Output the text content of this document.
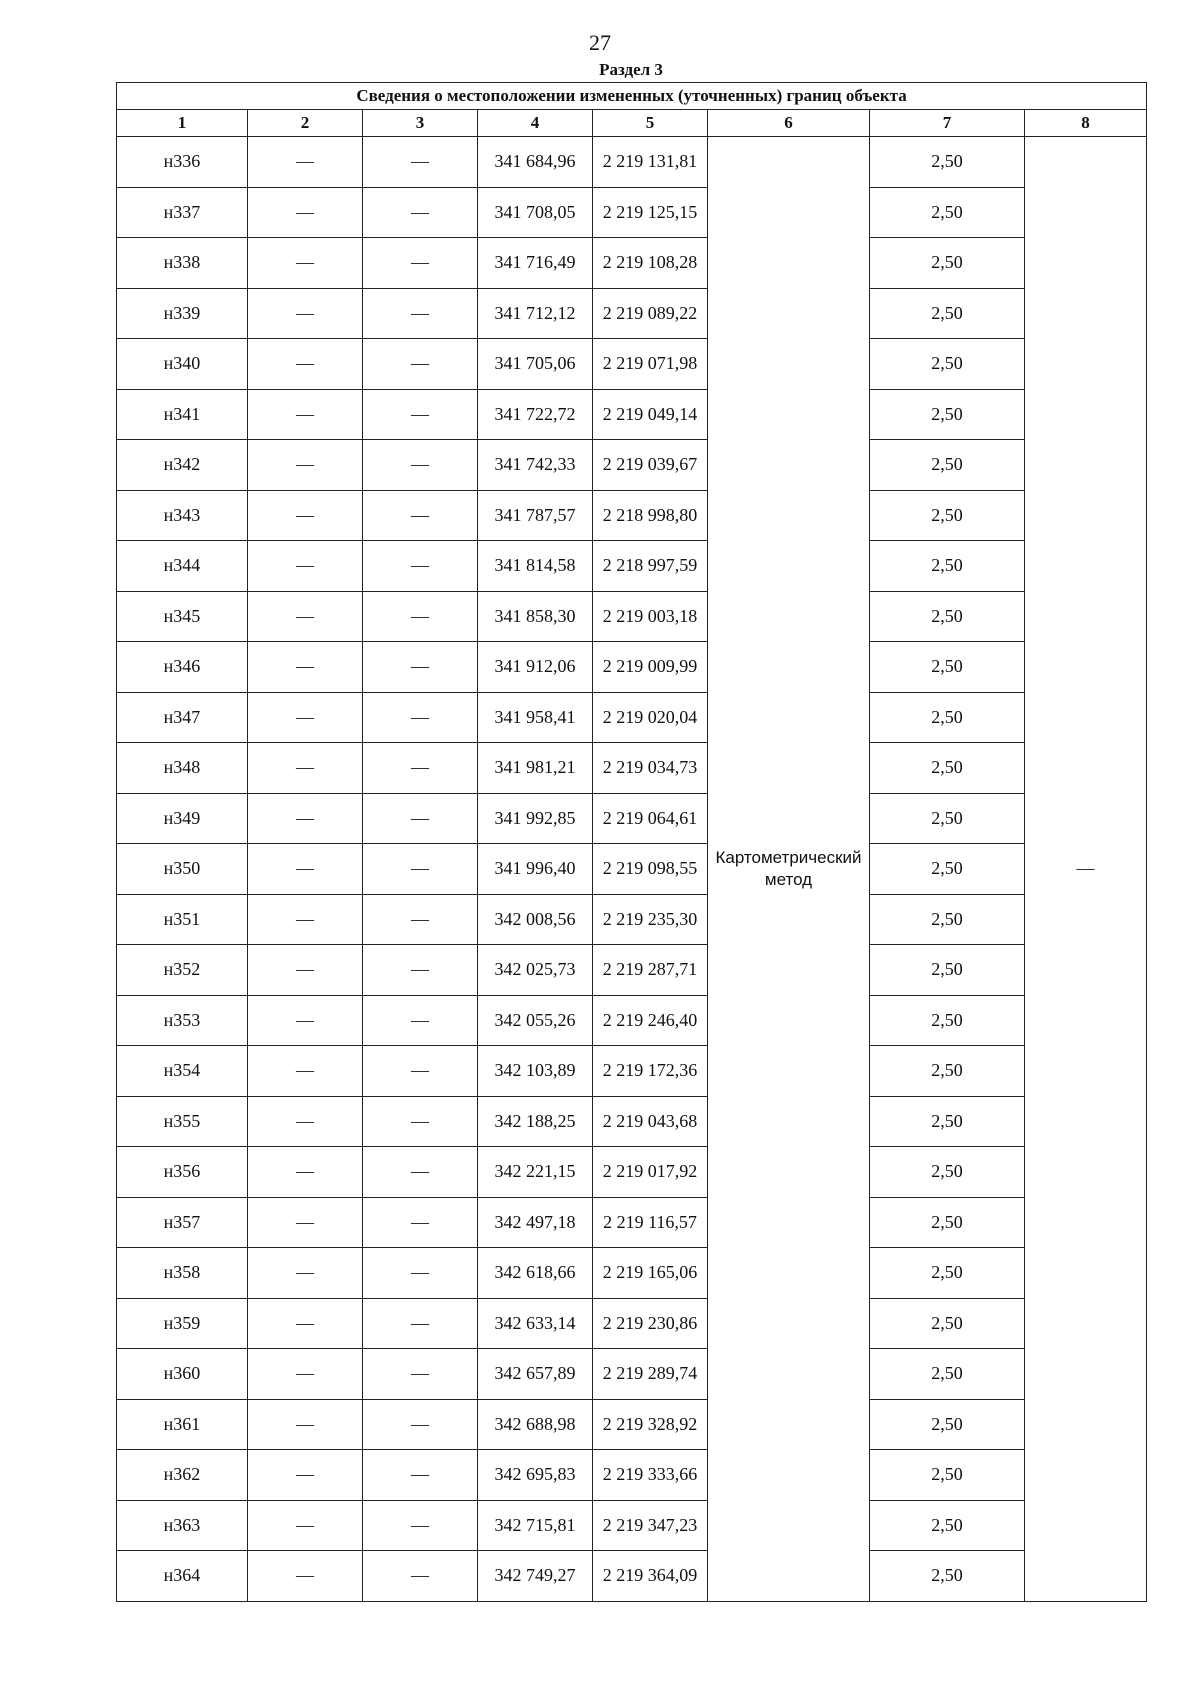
27
Раздел 3
Сведения о местоположении измененных (уточненных) границ объекта							
1	2	3	4	5	6	7	8
н336	—	—	341 684,96	2 219 131,81	Картометрический метод	2,50	—
н337	—	—	341 708,05	2 219 125,15		2,50	
н338	—	—	341 716,49	2 219 108,28		2,50	
н339	—	—	341 712,12	2 219 089,22		2,50	
н340	—	—	341 705,06	2 219 071,98		2,50	
н341	—	—	341 722,72	2 219 049,14		2,50	
н342	—	—	341 742,33	2 219 039,67		2,50	
н343	—	—	341 787,57	2 218 998,80		2,50	
н344	—	—	341 814,58	2 218 997,59		2,50	
н345	—	—	341 858,30	2 219 003,18		2,50	
н346	—	—	341 912,06	2 219 009,99		2,50	
н347	—	—	341 958,41	2 219 020,04		2,50	
н348	—	—	341 981,21	2 219 034,73		2,50	
н349	—	—	341 992,85	2 219 064,61		2,50	
н350	—	—	341 996,40	2 219 098,55		2,50	
н351	—	—	342 008,56	2 219 235,30		2,50	
н352	—	—	342 025,73	2 219 287,71		2,50	
н353	—	—	342 055,26	2 219 246,40		2,50	
н354	—	—	342 103,89	2 219 172,36		2,50	
н355	—	—	342 188,25	2 219 043,68		2,50	
н356	—	—	342 221,15	2 219 017,92		2,50	
н357	—	—	342 497,18	2 219 116,57		2,50	
н358	—	—	342 618,66	2 219 165,06		2,50	
н359	—	—	342 633,14	2 219 230,86		2,50	
н360	—	—	342 657,89	2 219 289,74		2,50	
н361	—	—	342 688,98	2 219 328,92		2,50	
н362	—	—	342 695,83	2 219 333,66		2,50	
н363	—	—	342 715,81	2 219 347,23		2,50	
н364	—	—	342 749,27	2 219 364,09		2,50	
